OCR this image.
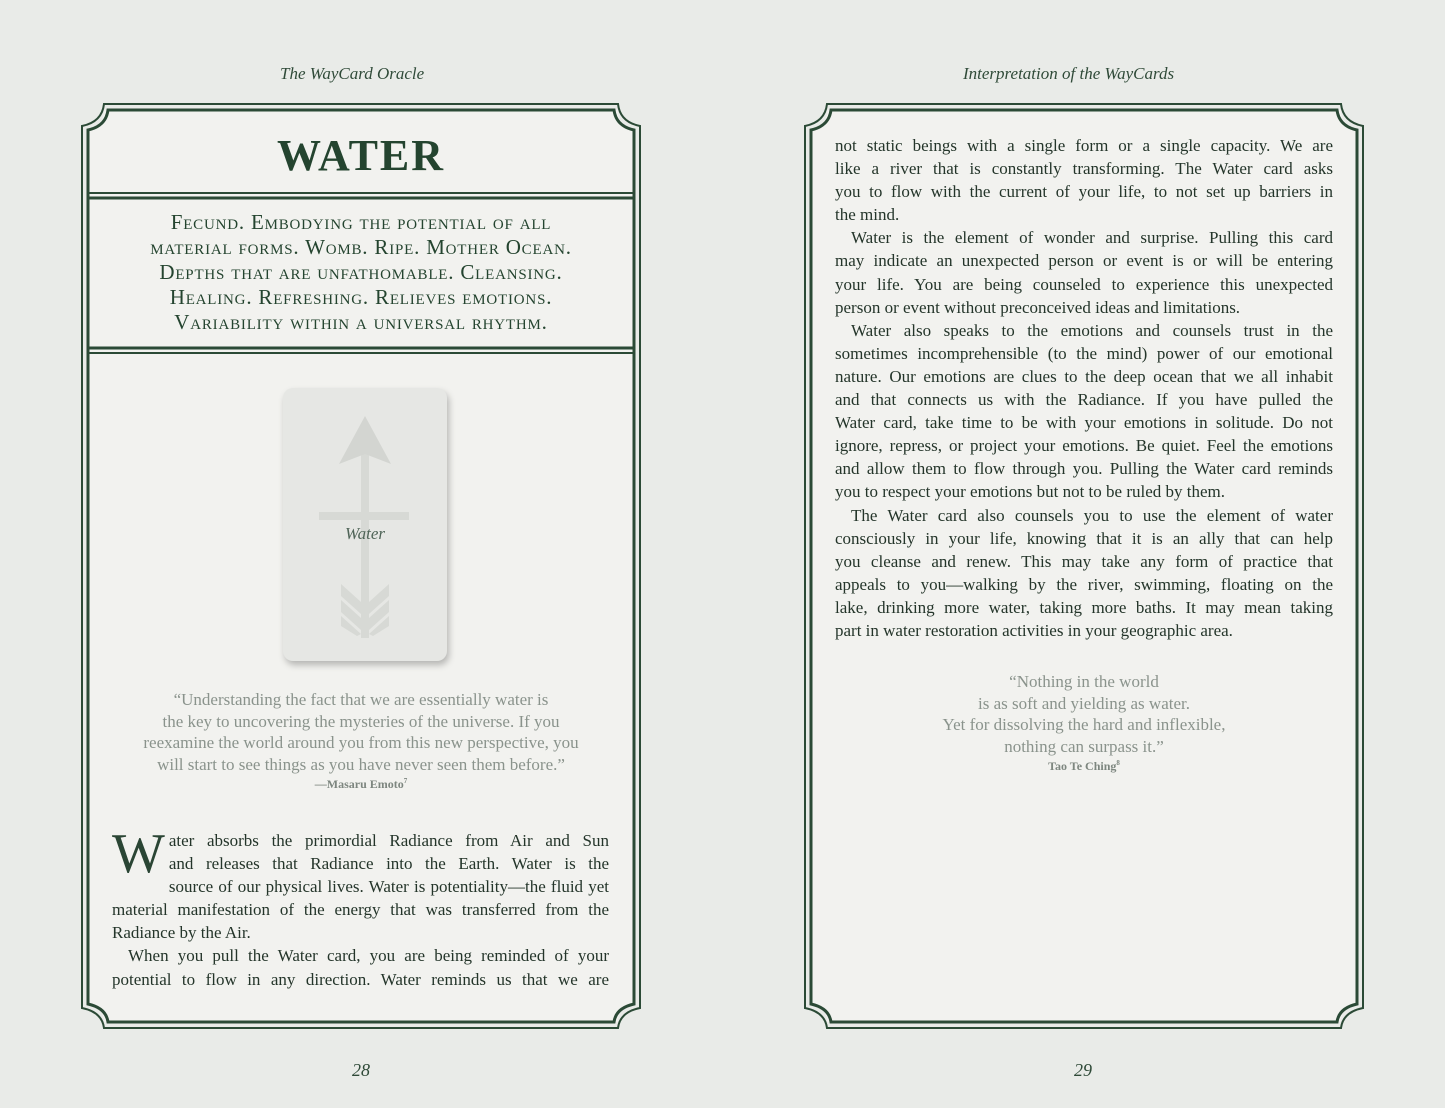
The WayCard Oracle
WATER
Fecund. Embodying the potential of all
material forms. Womb. Ripe. Mother Ocean.
Depths that are unfathomable. Cleansing.
Healing. Refreshing. Relieves emotions.
Variability within a universal rhythm.
Water
“Understanding the fact that we are essentially water is
the key to uncovering the mysteries of the universe. If you
reexamine the world around you from this new perspective, you
will start to see things as you have never seen them before.”
—Masaru Emoto$^7$

W ater absorbs the primordial Radiance from Air and Sun
and releases that Radiance into the Earth. Water is the
source of our physical lives. Water is potentiality—the fluid yet
material manifestation of the energy that was transferred from the
Radiance by the Air.

When you pull the Water card, you are being reminded of your
potential to flow in any direction. Water reminds us that we are

28
Interpretation of the WayCards

not static beings with a single form or a single capacity. We are
like a river that is constantly transforming. The Water card asks
you to flow with the current of your life, to not set up barriers in
the mind.

Water is the element of wonder and surprise. Pulling this card
may indicate an unexpected person or event is or will be entering
your life. You are being counseled to experience this unexpected
person or event without preconceived ideas and limitations.

Water also speaks to the emotions and counsels trust in the
sometimes incomprehensible (to the mind) power of our emotional
nature. Our emotions are clues to the deep ocean that we all inhabit
and that connects us with the Radiance. If you have pulled the
Water card, take time to be with your emotions in solitude. Do not
ignore, repress, or project your emotions. Be quiet. Feel the emotions
and allow them to flow through you. Pulling the Water card reminds
you to respect your emotions but not to be ruled by them.

The Water card also counsels you to use the element of water
consciously in your life, knowing that it is an ally that can help
you cleanse and renew. This may take any form of practice that
appeals to you—walking by the river, swimming, floating on the
lake, drinking more water, taking more baths. It may mean taking
part in water restoration activities in your geographic area.

“Nothing in the world
is as soft and yielding as water.
Yet for dissolving the hard and inflexible,
nothing can surpass it.”
Tao Te Ching$^8$
29
